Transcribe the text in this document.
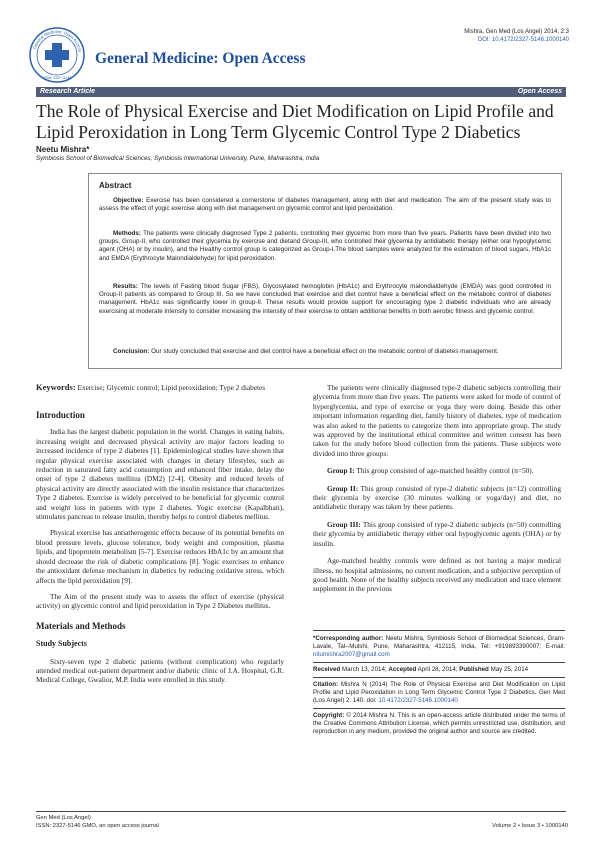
General Medicine: Open Access
ISSN: 2327-5146
General Medicine: Open Access
Mishra, Gen Med (Los Angel) 2014, 2:3
DOI: 10.4172/2327-5146.1000140
Research Article	Open Access
The Role of Physical Exercise and Diet Modification on Lipid Profile and Lipid Peroxidation in Long Term Glycemic Control Type 2 Diabetics
Neetu Mishra*
Symbiosis School of Biomedical Sciences, Symbiosis International University, Pune, Maharashtra, India
Abstract
Objective: Exercise has been considered a cornerstone of diabetes management, along with diet and medication. The aim of the present study was to assess the effect of yogic exercise along with diet management on glycemic control and lipid peroxidation.
Methods: The patients were clinically diagnosed Type 2 patients, controlling their glycemic from more than five years. Patients have been divided into two groups, Group-II, who controlled their glycemia by exercise and dietand Group-III, who controlled their glycemia by antidiabetic therapy (either oral hypoglycemic agent (OHA) or by insulin), and the Healthy control group is categorized as Group-I.The blood samples were analyzed for the estimation of blood sugars, HbA1c and EMDA (Erythrocyte Malondialdehyde) for lipid peroxidation.
Results: The levels of Fasting blood Sugar (FBS), Glycosylated hemoglobin (HbA1c) and Erythrocyte malondialdehyde (EMDA) was good controlled in Group-II patients as compared to Group III. So we have concluded that exercise and diet control have a beneficial effect on the metabolic control of diabetes management. HbA1c was significantly lower in group-II. These results would provide support for encouraging type 2 diabetic individuals who are already exercising at moderate intensity to consider increasing the intensity of their exercise to obtain additional benefits in both aerobic fitness and glycemic control.
Conclusion: Our study concluded that exercise and diet control have a beneficial effect on the metabolic control of diabetes management.

Keywords: Exercise; Glycemic control; Lipid peroxidation; Type 2 diabetes

Introduction

India has the largest diabetic population in the world. Changes in eating habits, increasing weight and decreased physical activity are major factors leading to increased incidence of type 2 diabetes [1]. Epidemiological studies have shown that regular physical exercise associated with changes in dietary lifestyles, such as reduction in saturated fatty acid consumption and enhanced fiber intake, delay the onset of type 2 diabetes mellitus (DM2) [2-4]. Obesity and reduced levels of physical activity are directly associated with the insulin resistance that characterizes Type 2 diabetes. Exercise is widely perceived to be beneficial for glycemic control and weight loss in patients with type 2 diabetes. Yogic exercise (Kapalbhati), stimulates pancreas to release insulin, thereby helps to control diabetes mellitus.

Physical exercise has antiatherogenic effects because of its potential benefits on blood pressure levels, glucose tolerance, body weight and composition, plasma lipids, and lipoprotein metabolism [5-7]. Exercise reduces HbA1c by an amount that should decrease the risk of diabetic complications [8]. Yogic exercises to enhance the antioxidant defense mechanism in diabetics by reducing oxidative stress, which affects the lipid peroxidation [9].

The Aim of the present study was to assess the effect of exercise (physical activity) on glycemic control and lipid peroxidation in Type 2 Diabetes mellitus.

Materials and Methods

Study Subjects

Sixty-seven type 2 diabetic patients (without complication) who regularly attended medical out-patient department and/or diabetic clinic of J.A. Hospital, G.R. Medical College, Gwalior, M.P. India were enrolled in this study.

The patients were clinically diagnosed type-2 diabetic subjects controlling their glycemia from more than five years. The patients were asked for mode of control of hyperglycemia, and type of exercise or yoga they were doing. Beside this other important information regarding diet, family history of diabetes, type of medication was also asked to the patients to categorize them into appropriate group. The study was approved by the institutional ethical committee and written consent has been taken for the study before blood collection from the patients. These subjects were divided into three groups:

Group I: This group consisted of age-matched healthy control (n=50).

Group II: This group consisted of type-2 diabetic subjects (n=12) controlling their glycemia by exercise (30 minutes walking or yoga/day) and diet, no antidiabetic therapy was taken by these patients.

Group III: This group consisted of type-2 diabetic subjects (n=50) controlling their glycemia by antidiabetic therapy either oral hypoglycemic agents (OHA) or by insulin.

Age-matched healthy controls were defined as not having a major medical illness, no hospital admissions, no current medication, and a subjective perception of good health. None of the healthy subjects received any medication and trace element supplement in the previous

*Corresponding author: Neetu Mishra, Symbiosis School of Biomedical Sciences, Gram- Lavale, Tal--Mulshi, Pune, Maharashtra, 412115, India, Tel: +919893390007; E-mail: nitumishra2007@gmail.com

Received March 13, 2014; Accepted April 28, 2014; Published May 25, 2014

Citation: Mishra N (2014) The Role of Physical Exercise and Diet Modification on Lipid Profile and Lipid Peroxidation in Long Term Glycemic Control Type 2 Diabetics. Gen Med (Los Angel) 2: 140. doi: 10.4172/2327-5146.1000140

Copyright: © 2014 Mishra N. This is an open-access article distributed under the terms of the Creative Commons Attribution License, which permits unrestricted use, distribution, and reproduction in any medium, provided the original author and source are credited.

Gen Med (Los Angel)
ISSN: 2327-5146 GMO, an open access journal	Volume 2 • Issue 3 • 1000140
